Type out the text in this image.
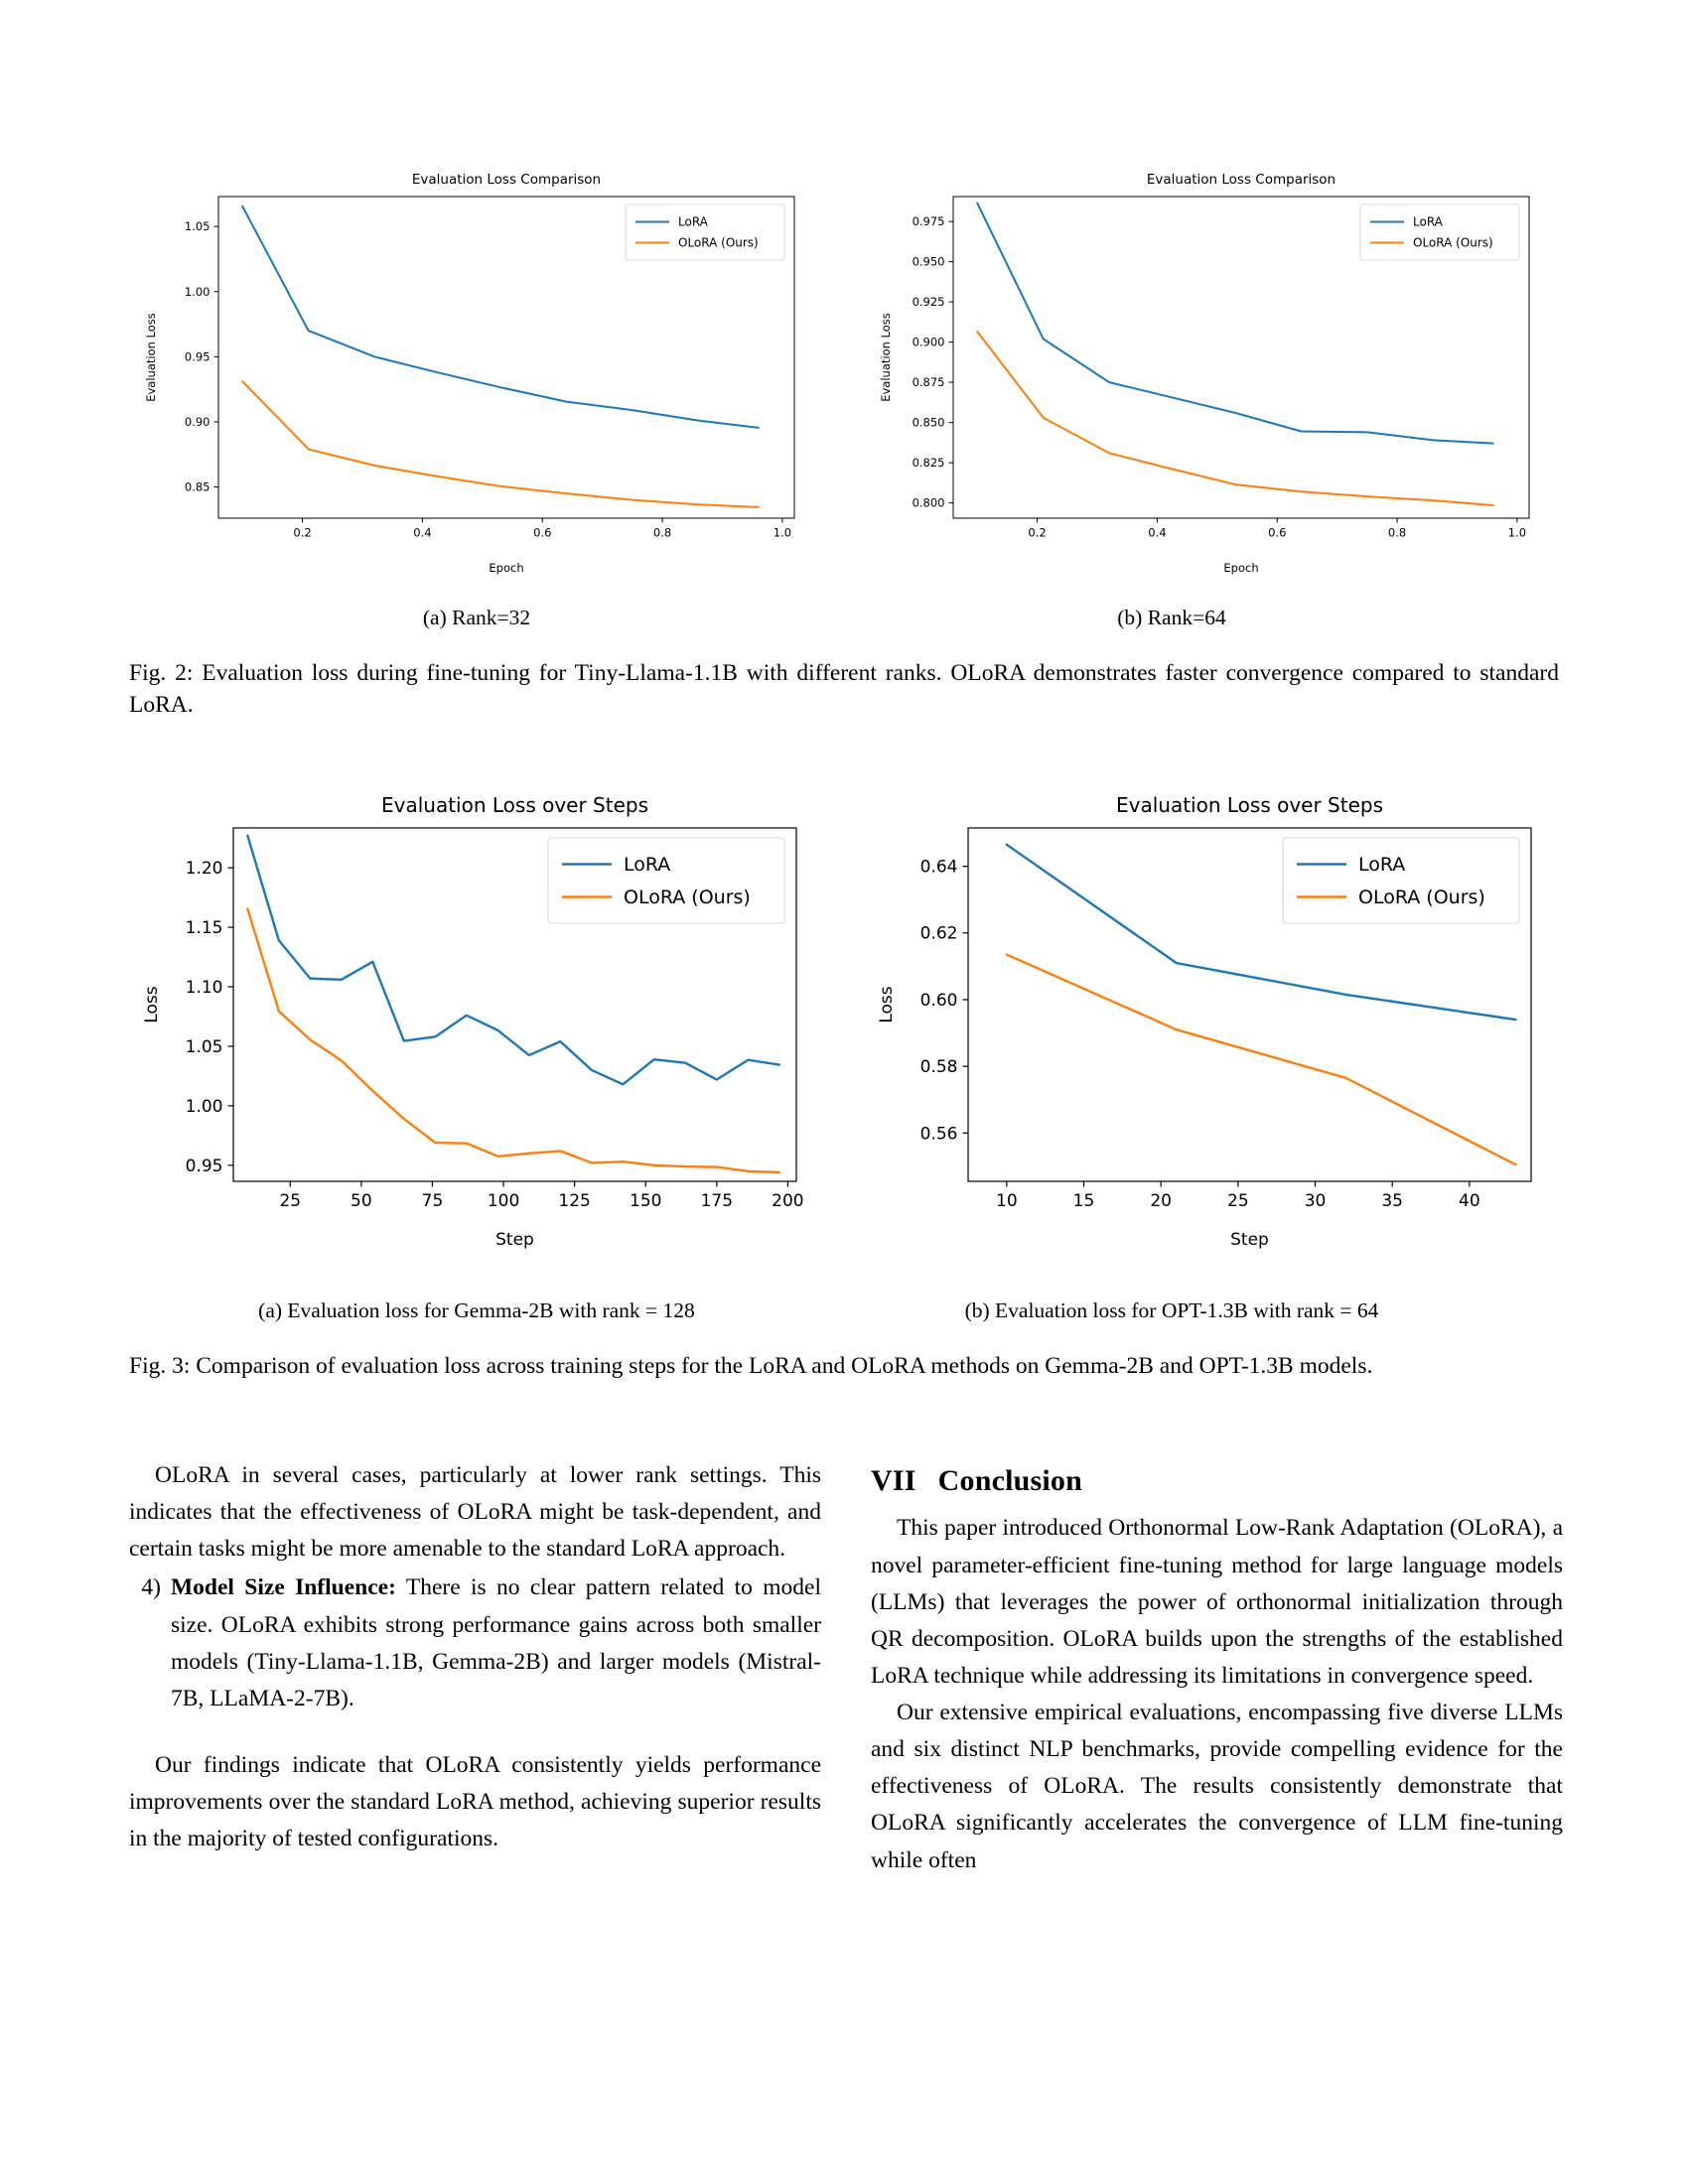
Evaluation Loss Comparison
0.85
0.90
0.95
1.00
1.05
0.2	0.4	0.6	0.8	1.0
Epoch
Evaluation Loss
LoRA
OLoRA (Ours)
Evaluation Loss Comparison
0.800
0.825
0.850
0.875
0.900
0.925
0.950
0.975
0.2	0.4	0.6	0.8	1.0
Epoch
Evaluation Loss
LoRA
OLoRA (Ours)
(a) Rank=32	(b) Rank=64
Fig. 2: Evaluation loss during fine-tuning for Tiny-Llama-1.1B with different ranks. OLoRA demonstrates faster convergence compared to standard LoRA.
Evaluation Loss over Steps
0.95
1.00
1.05
1.10
1.15
1.20
25	50	75	100 125 150 175 200
Step
Loss
LoRA
OLoRA (Ours)
Evaluation Loss over Steps
0.56
0.58
0.60
0.62
0.64
10	15	20	25	30	35	40
Step
Loss
LoRA
OLoRA (Ours)
(a) Evaluation loss for Gemma-2B with rank = 128	(b) Evaluation loss for OPT-1.3B with rank = 64
Fig. 3: Comparison of evaluation loss across training steps for the LoRA and OLoRA methods on Gemma-2B and OPT-1.3B models.

OLoRA in several cases, particularly at lower rank settings. This indicates that the effectiveness of OLoRA might be task-dependent, and certain tasks might be more amenable to the standard LoRA approach.

4) Model Size Influence: There is no clear pattern related to model size. OLoRA exhibits strong performance gains across both smaller models (Tiny-Llama-1.1B, Gemma-2B) and larger models (Mistral-7B, LLaMA-2-7B).

Our findings indicate that OLoRA consistently yields performance improvements over the standard LoRA method, achieving superior results in the majority of tested configurations.

VII Conclusion

This paper introduced Orthonormal Low-Rank Adaptation (OLoRA), a novel parameter-efficient fine-tuning method for large language models (LLMs) that leverages the power of orthonormal initialization through QR decomposition. OLoRA builds upon the strengths of the established LoRA technique while addressing its limitations in convergence speed.

Our extensive empirical evaluations, encompassing five diverse LLMs and six distinct NLP benchmarks, provide compelling evidence for the effectiveness of OLoRA. The results consistently demonstrate that OLoRA significantly accelerates the convergence of LLM fine-tuning while often
